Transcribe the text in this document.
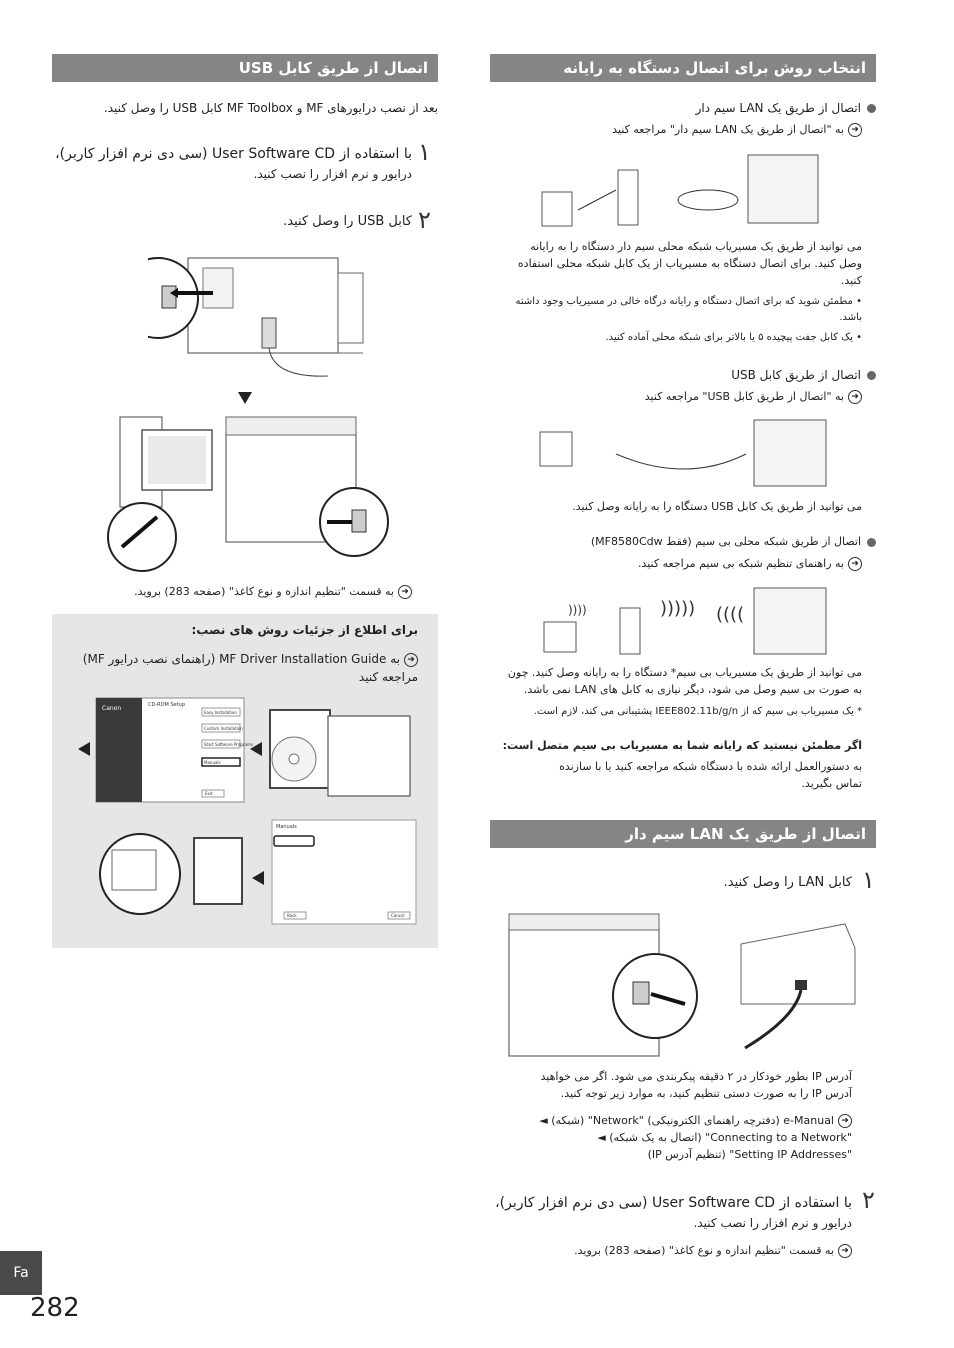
اتصال از طریق کابل USB
بعد از نصب درایورهای MF و MF Toolbox کابل USB را وصل کنید.
۱
با استفاده از User Software CD (سی دی نرم افزار کاربر)،
درایور و نرم افزار را نصب کنید.
۲
کابل USB را وصل کنید.
➜به قسمت "تنظیم اندازه و نوع کاغذ" (صفحه 283) بروید.
برای اطلاع از جزئیات روش های نصب:
➜به MF Driver Installation Guide (راهنمای نصب درایور MF)
مراجعه کنید
Canon	CD-ROM Setup
Easy Installation
Custom Installation
Start Software Programs
Manuals
Exit
Manuals
Back	Cancel
انتخاب روش برای اتصال دستگاه به رایانه
اتصال از طریق یک LAN سیم دار
➜به "اتصال از طریق یک LAN سیم دار" مراجعه کنید
می توانید از طریق یک مسیریاب شبکه محلی سیم دار دستگاه را به رایانه
وصل کنید. برای اتصال دستگاه به مسیریاب از یک کابل شبکه محلی استفاده
کنید.
• مطمئن شوید که برای اتصال دستگاه و رایانه درگاه خالی در مسیریاب وجود داشته
باشد.
• یک کابل جفت پیچیده ۵ یا بالاتر برای شبکه محلی آماده کنید.
اتصال از طریق کابل USB
➜به "اتصال از طریق کابل USB" مراجعه کنید
می توانید از طریق یک کابل USB دستگاه را به رایانه وصل کنید.
اتصال از طریق شبکه محلی بی سیم (فقط MF8580Cdw)
➜به راهنمای تنظیم شبکه بی سیم مراجعه کنید.
))))	))))) ((((
می توانید از طریق یک مسیریاب بی سیم* دستگاه را به رایانه وصل کنید. چون
به صورت بی سیم وصل می شود، دیگر نیازی به کابل های LAN نمی باشد.
* یک مسیریاب بی سیم که از IEEE802.11b/g/n پشتیبانی می کند، لازم است.
اگر مطمئن نیستید که رایانه شما به مسیریاب بی سیم متصل است:
به دستورالعمل ارائه شده با دستگاه شبکه مراجعه کنید یا با سازنده
تماس بگیرید.
اتصال از طریق یک LAN سیم دار
۱
کابل LAN را وصل کنید.
آدرس IP بطور خودکار در ۲ دقیقه پیکربندی می شود. اگر می خواهید
آدرس IP را به صورت دستی تنظیم کنید، به موارد زیر توجه کنید.
➜e-Manual (دفترچه راهنمای الکترونیکی) "Network" (شبکه) ◄
"Connecting to a Network" (اتصال به یک شبکه) ◄
"Setting IP Addresses" (تنظیم آدرس IP)
۲
با استفاده از User Software CD (سی دی نرم افزار کاربر)،
درایور و نرم افزار را نصب کنید.
➜به قسمت "تنظیم اندازه و نوع کاغذ" (صفحه 283) بروید.
Fa
282
